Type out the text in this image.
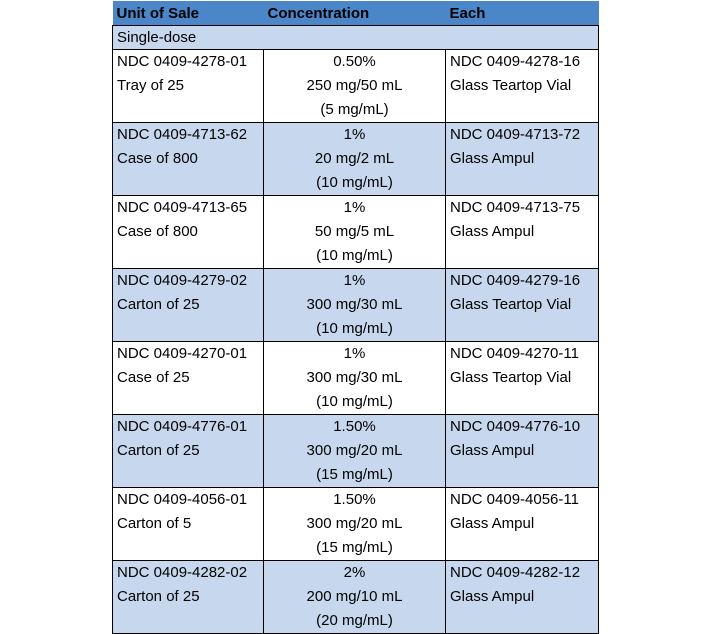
Unit of Sale	Concentration	Each
Single-dose		

NDC 0409-4278-01
Tray of 25	0.50%
250 mg/50 mL
(5 mg/mL)	NDC 0409-4278-16
Glass Teartop Vial

NDC 0409-4713-62
Case of 800	1%
20 mg/2 mL
(10 mg/mL)	NDC 0409-4713-72
Glass Ampul

NDC 0409-4713-65
Case of 800	1%
50 mg/5 mL
(10 mg/mL)	NDC 0409-4713-75
Glass Ampul

NDC 0409-4279-02
Carton of 25	1%
300 mg/30 mL
(10 mg/mL)	NDC 0409-4279-16
Glass Teartop Vial

NDC 0409-4270-01
Case of 25	1%
300 mg/30 mL
(10 mg/mL)	NDC 0409-4270-11
Glass Teartop Vial

NDC 0409-4776-01
Carton of 25	1.50%
300 mg/20 mL
(15 mg/mL)	NDC 0409-4776-10
Glass Ampul

NDC 0409-4056-01
Carton of 5	1.50%
300 mg/20 mL
(15 mg/mL)	NDC 0409-4056-11
Glass Ampul

NDC 0409-4282-02
Carton of 25	2%
200 mg/10 mL
(20 mg/mL)	NDC 0409-4282-12
Glass Ampul
